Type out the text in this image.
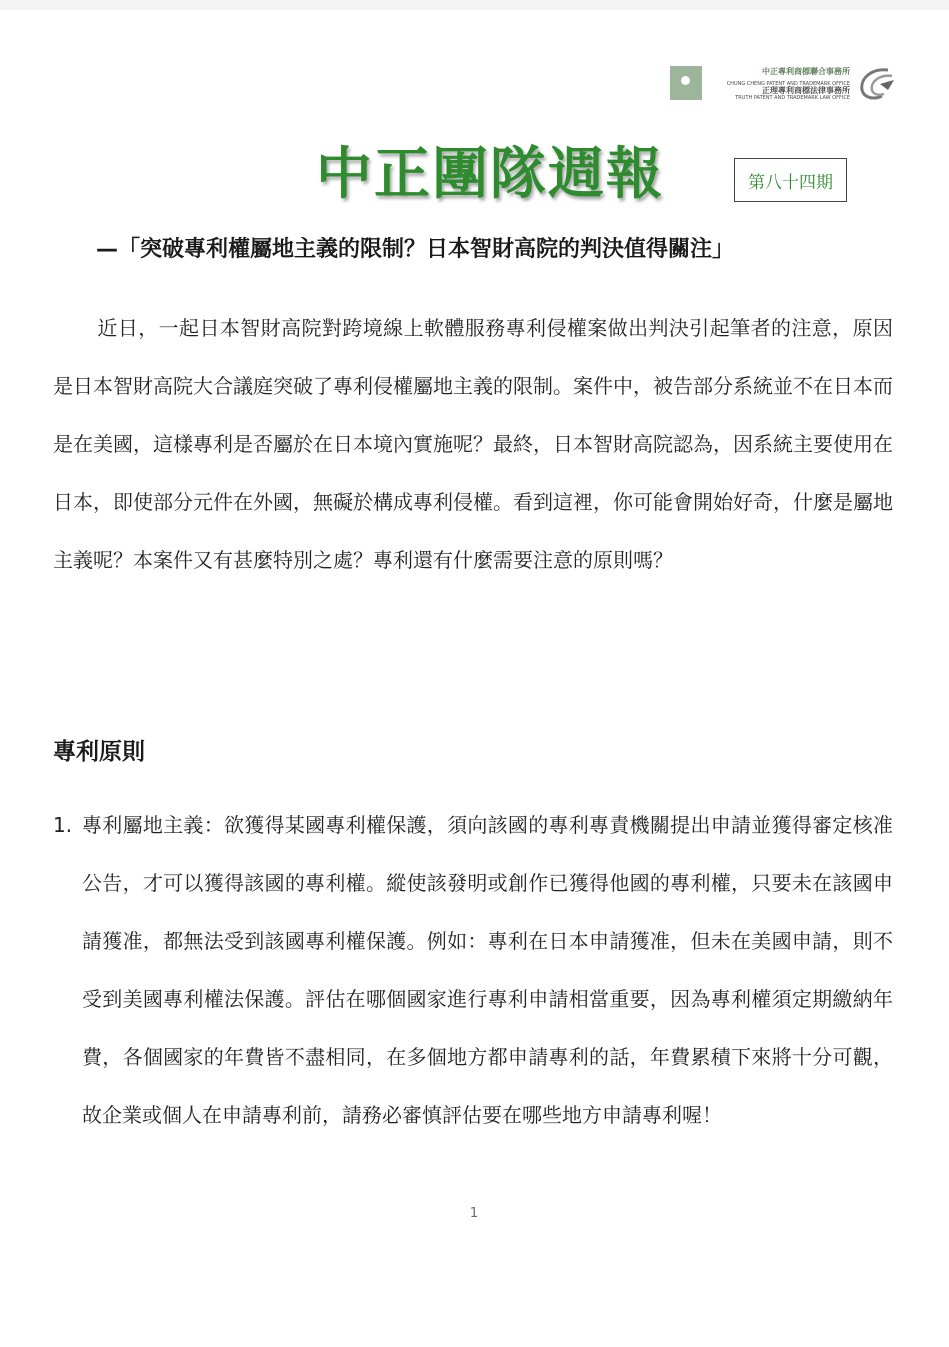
中正專利商標聯合事務所
CHUNG CHENG PATENT AND TRADEMARK OFFICE
正理專利商標法律事務所
TRUTH PATENT AND TRADEMARK LAW OFFICE
中正團隊週報	第八十四期
—「突破專利權屬地主義的限制？日本智財高院的判決值得關注」
近日，一起日本智財高院對跨境線上軟體服務專利侵權案做出判決引起筆者的注意，原因是日本智財高院大合議庭突破了專利侵權屬地主義的限制。案件中，被告部分系統並不在日本而是在美國，這樣專利是否屬於在日本境內實施呢？最終，日本智財高院認為，因系統主要使用在日本，即使部分元件在外國，無礙於構成專利侵權。看到這裡，你可能會開始好奇，什麼是屬地主義呢？本案件又有甚麼特別之處？專利還有什麼需要注意的原則嗎？
專利原則
1. 專利屬地主義：欲獲得某國專利權保護，須向該國的專利專責機關提出申請並獲得審定核准公告，才可以獲得該國的專利權。縱使該發明或創作已獲得他國的專利權，只要未在該國申請獲准，都無法受到該國專利權保護。例如：專利在日本申請獲准，但未在美國申請，則不受到美國專利權法保護。評估在哪個國家進行專利申請相當重要，因為專利權須定期繳納年費，各個國家的年費皆不盡相同，在多個地方都申請專利的話，年費累積下來將十分可觀，故企業或個人在申請專利前，請務必審慎評估要在哪些地方申請專利喔！
1
